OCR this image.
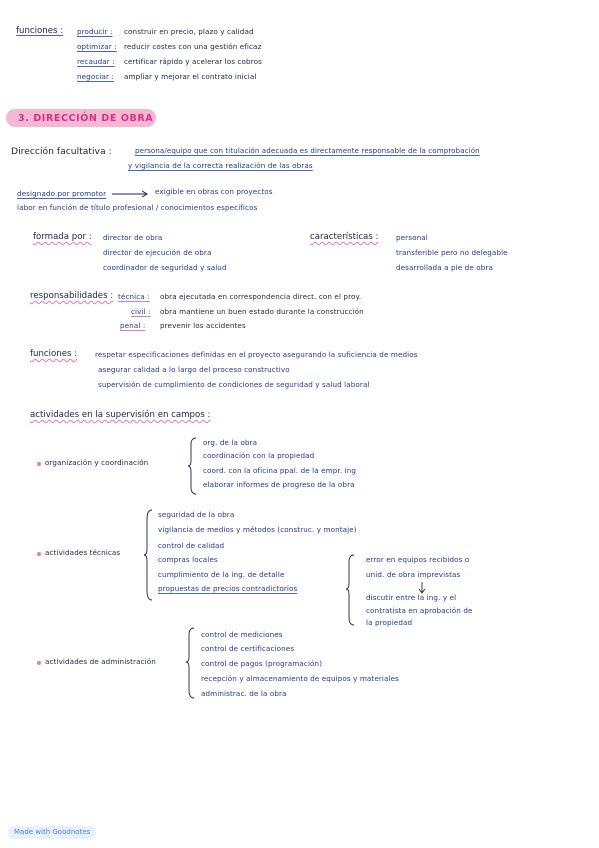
funciones : producir : construir en precio, plazo y calidad
optimizar : reducir costes con una gestión eficaz
recaudar : certificar rápido y acelerar los cobros
negociar : ampliar y mejorar el contrato inicial
3. DIRECCIÓN DE OBRA
Dirección facultativa :	persona/equipo que con titulación adecuada es directamente responsable de la comprobación
y vigilancia de la correcta realización de las obras
designado por promotor	exigible en obras con proyectos
labor en función de título profesional / conocimientos específicos
formada por : director de obra
director de ejecución de obra
coordinador de seguridad y salud
características : personal
transferible pero no delegable
desarrollada a pie de obra
responsabilidades : técnica : obra ejecutada en correspondencia direct. con el proy.
civil : obra mantiene un buen estado durante la construcción
penal : prevenir los accidentes
funciones : respetar especificaciones definidas en el proyecto asegurando la suficiencia de medios
asegurar calidad a lo largo del proceso constructivo
supervisión de cumplimiento de condiciones de seguridad y salud laboral
actividades en la supervisión en campos :
organización y coordinación
org. de la obra
coordinación con la propiedad
coord. con la oficina ppal. de la empr. ing
elaborar informes de progreso de la obra
actividades técnicas
seguridad de la obra
vigilancia de medios y métodos (construc. y montaje)
control de calidad
compras locales
cumplimiento de la ing. de detalle
propuestas de precios contradictorios
error en equipos recibidos o
unid. de obra imprevistas
discutir entre la ing. y el
contratista en aprobación de
la propiedad
actividades de administración
control de mediciones
control de certificaciones
control de pagos (programación)
recepción y almacenamiento de equipos y materiales
administrac. de la obra
Made with Goodnotes
